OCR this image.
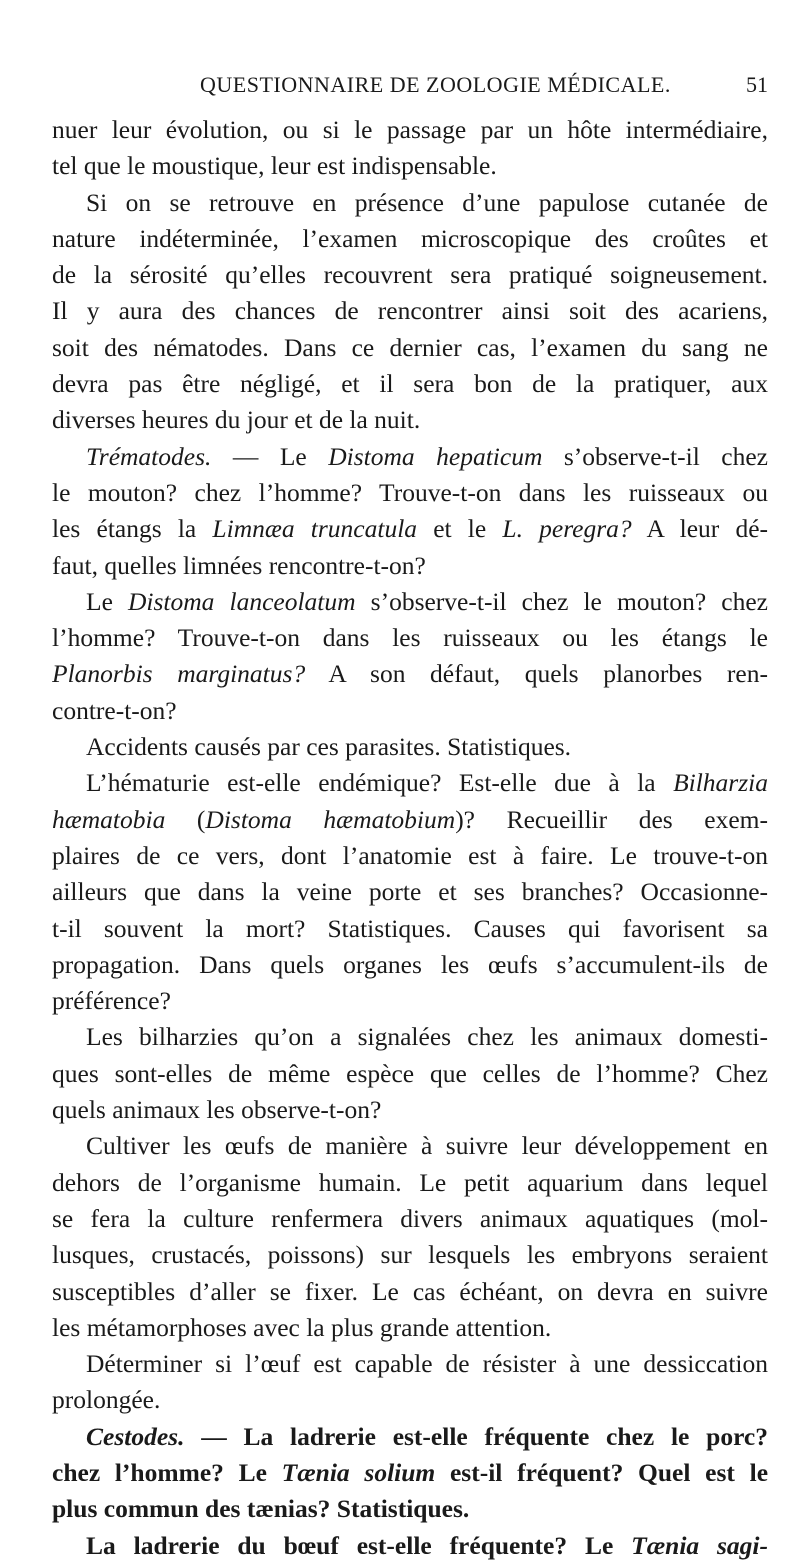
QUESTIONNAIRE DE ZOOLOGIE MÉDICALE.	51
nuer leur évolution, ou si le passage par un hôte intermédiaire,
tel que le moustique, leur est indispensable.
Si on se retrouve en présence d’une papulose cutanée de
nature indéterminée, l’examen microscopique des croûtes et
de la sérosité qu’elles recouvrent sera pratiqué soigneusement.
Il y aura des chances de rencontrer ainsi soit des acariens,
soit des nématodes. Dans ce dernier cas, l’examen du sang ne
devra pas être négligé, et il sera bon de la pratiquer, aux
diverses heures du jour et de la nuit.
Trématodes. — Le Distoma hepaticum s’observe-t-il chez
le mouton? chez l’homme? Trouve-t-on dans les ruisseaux ou
les étangs la Limnæa truncatula et le L. peregra? A leur dé-
faut, quelles limnées rencontre-t-on?
Le Distoma lanceolatum s’observe-t-il chez le mouton? chez
l’homme? Trouve-t-on dans les ruisseaux ou les étangs le
Planorbis marginatus? A son défaut, quels planorbes ren-
contre-t-on?
Accidents causés par ces parasites. Statistiques.
L’hématurie est-elle endémique? Est-elle due à la Bilharzia
hæmatobia (Distoma hæmatobium)? Recueillir des exem-
plaires de ce vers, dont l’anatomie est à faire. Le trouve-t-on
ailleurs que dans la veine porte et ses branches? Occasionne-
t-il souvent la mort? Statistiques. Causes qui favorisent sa
propagation. Dans quels organes les œufs s’accumulent-ils de
préférence?
Les bilharzies qu’on a signalées chez les animaux domesti-
ques sont-elles de même espèce que celles de l’homme? Chez
quels animaux les observe-t-on?
Cultiver les œufs de manière à suivre leur développement en
dehors de l’organisme humain. Le petit aquarium dans lequel
se fera la culture renfermera divers animaux aquatiques (mol-
lusques, crustacés, poissons) sur lesquels les embryons seraient
susceptibles d’aller se fixer. Le cas échéant, on devra en suivre
les métamorphoses avec la plus grande attention.
Déterminer si l’œuf est capable de résister à une dessiccation
prolongée.
Cestodes. — La ladrerie est-elle fréquente chez le porc?
chez l’homme? Le Tænia solium est-il fréquent? Quel est le
plus commun des tænias? Statistiques.
La ladrerie du bœuf est-elle fréquente? Le Tænia sagi-
